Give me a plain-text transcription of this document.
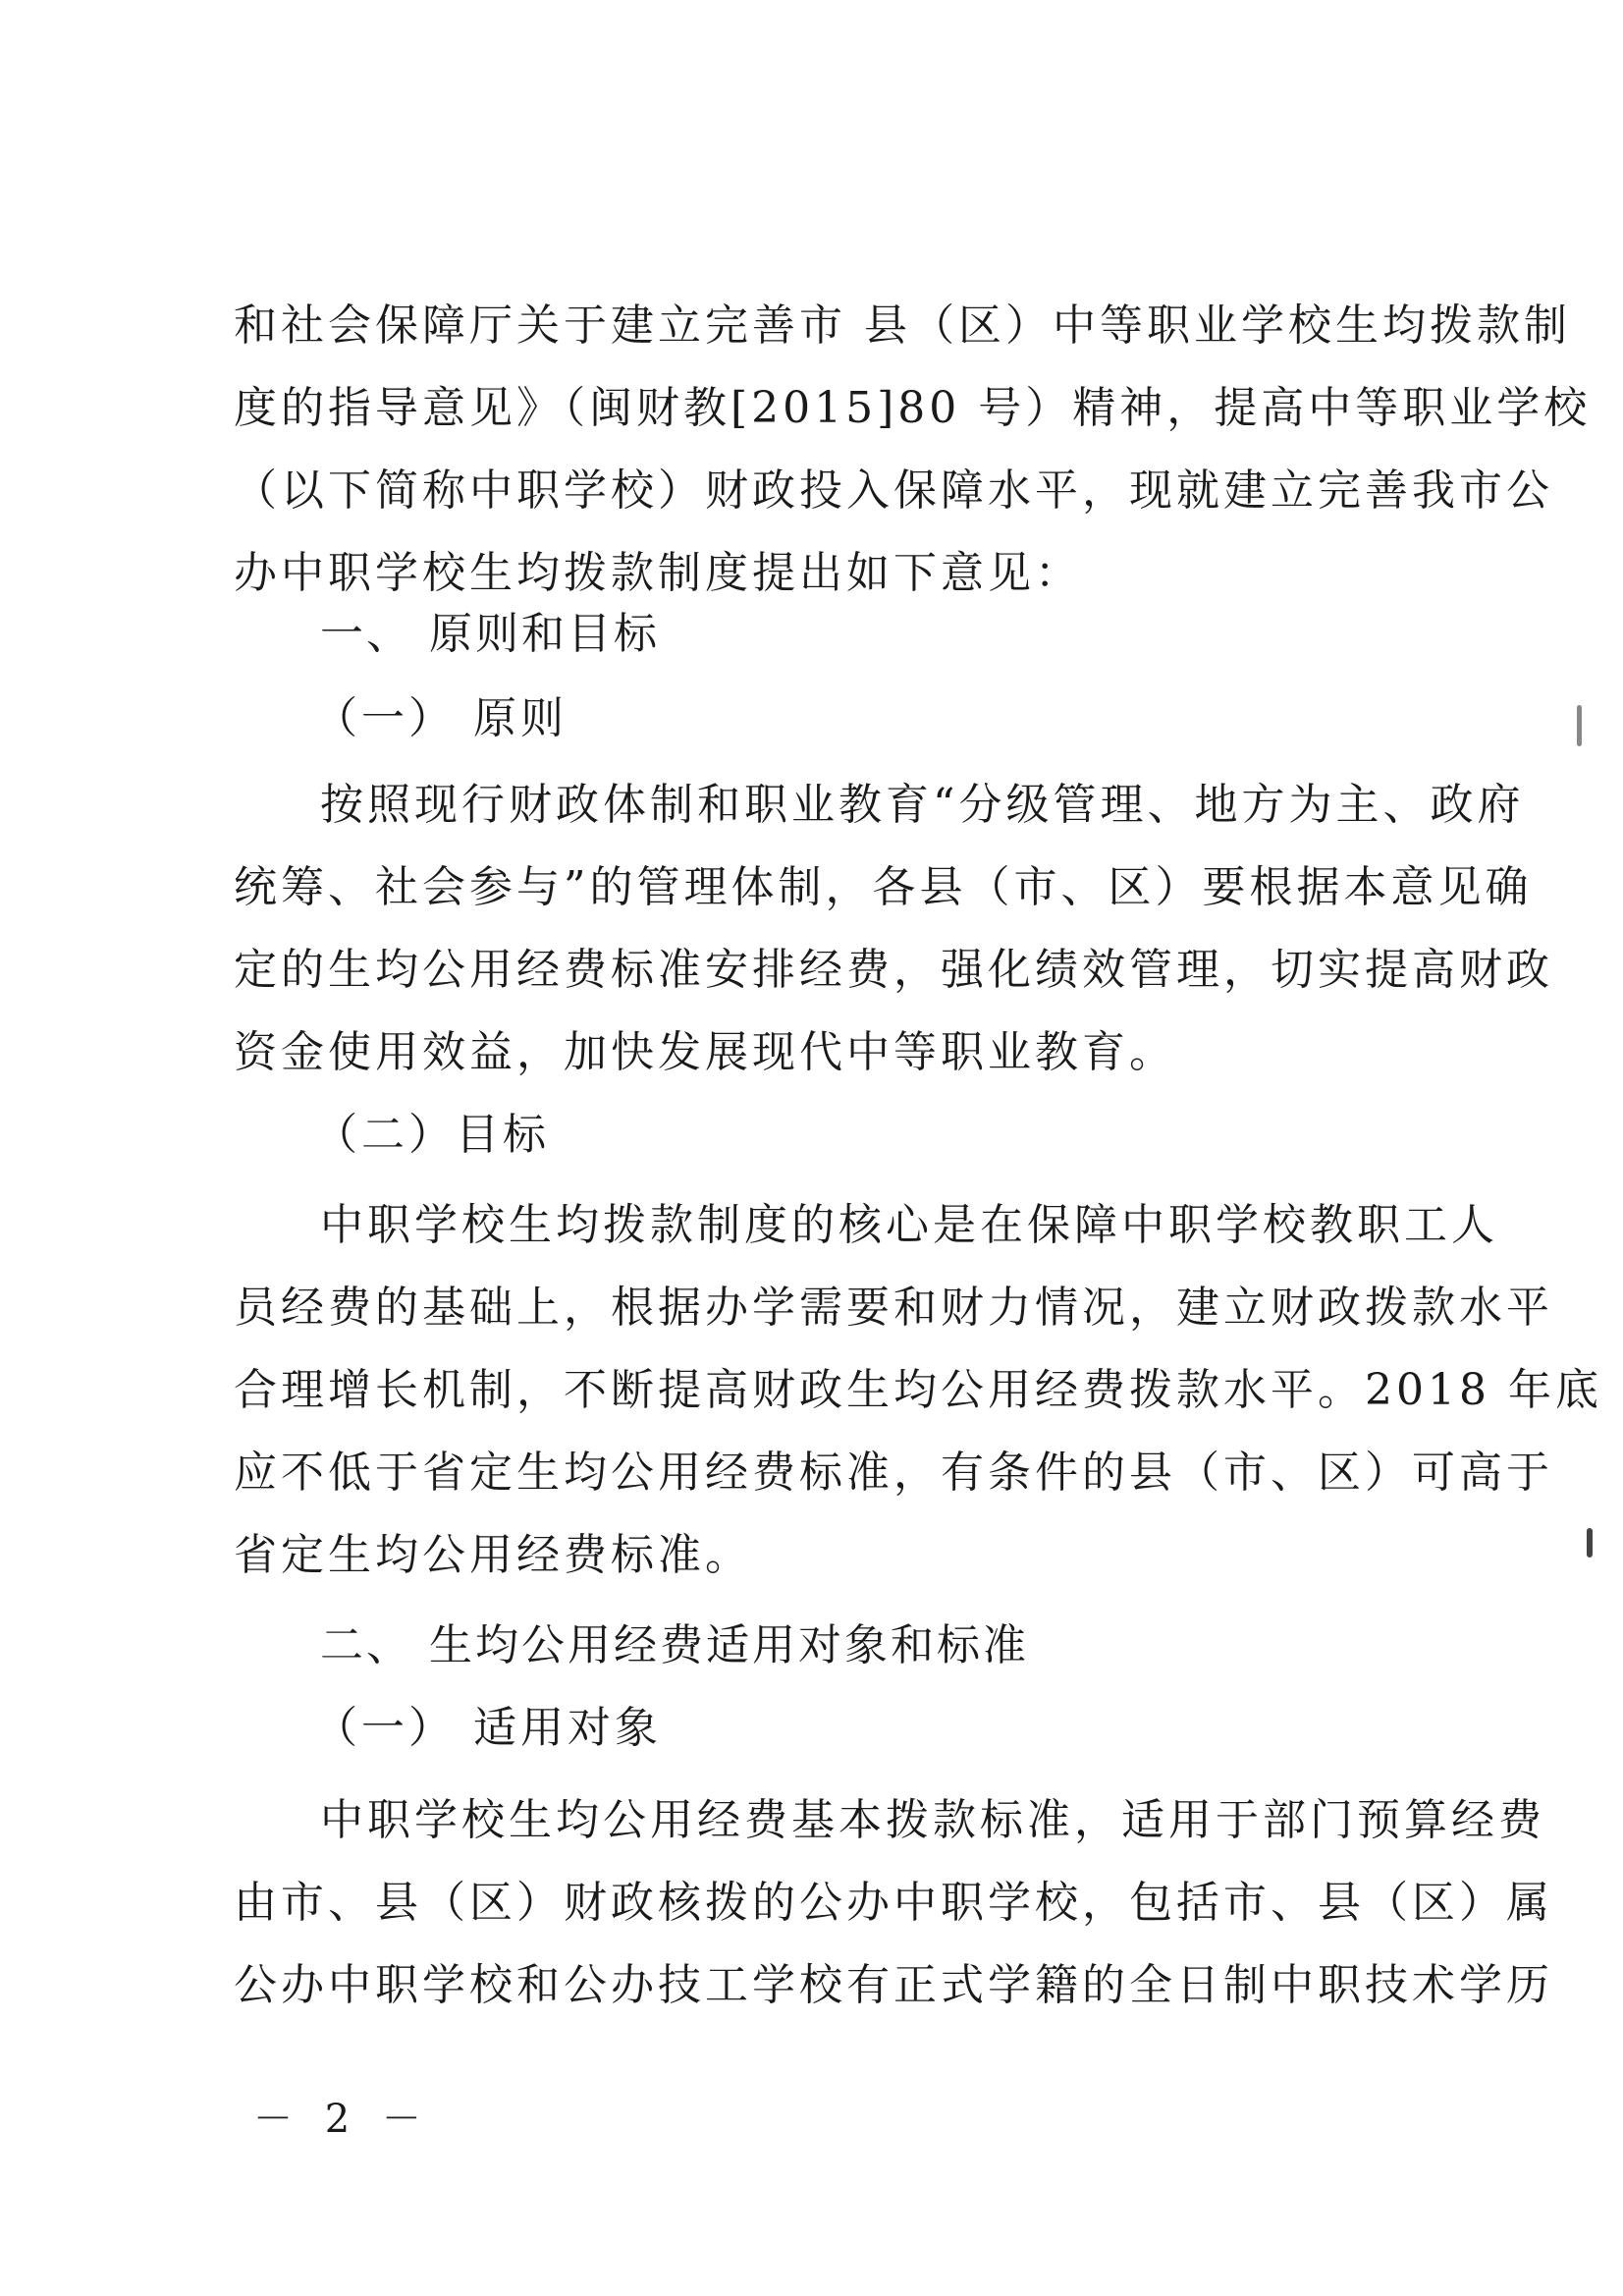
和社会保障厅关于建立完善市 县（区）中等职业学校生均拨款制
度的指导意见》（闽财教[2015]80 号）精神，提高中等职业学校
（以下简称中职学校）财政投入保障水平，现就建立完善我市公
办中职学校生均拨款制度提出如下意见：
一、 原则和目标
（一） 原则
按照现行财政体制和职业教育“分级管理、地方为主、政府
统筹、社会参与”的管理体制，各县（市、区）要根据本意见确
定的生均公用经费标准安排经费，强化绩效管理，切实提高财政
资金使用效益，加快发展现代中等职业教育。
（二）目标
中职学校生均拨款制度的核心是在保障中职学校教职工人
员经费的基础上，根据办学需要和财力情况，建立财政拨款水平
合理增长机制，不断提高财政生均公用经费拨款水平。2018 年底
应不低于省定生均公用经费标准，有条件的县（市、区）可高于
省定生均公用经费标准。
二、 生均公用经费适用对象和标准
（一） 适用对象
中职学校生均公用经费基本拨款标准，适用于部门预算经费
由市、县（区）财政核拨的公办中职学校，包括市、县（区）属
公办中职学校和公办技工学校有正式学籍的全日制中职技术学历
－ 2 －
